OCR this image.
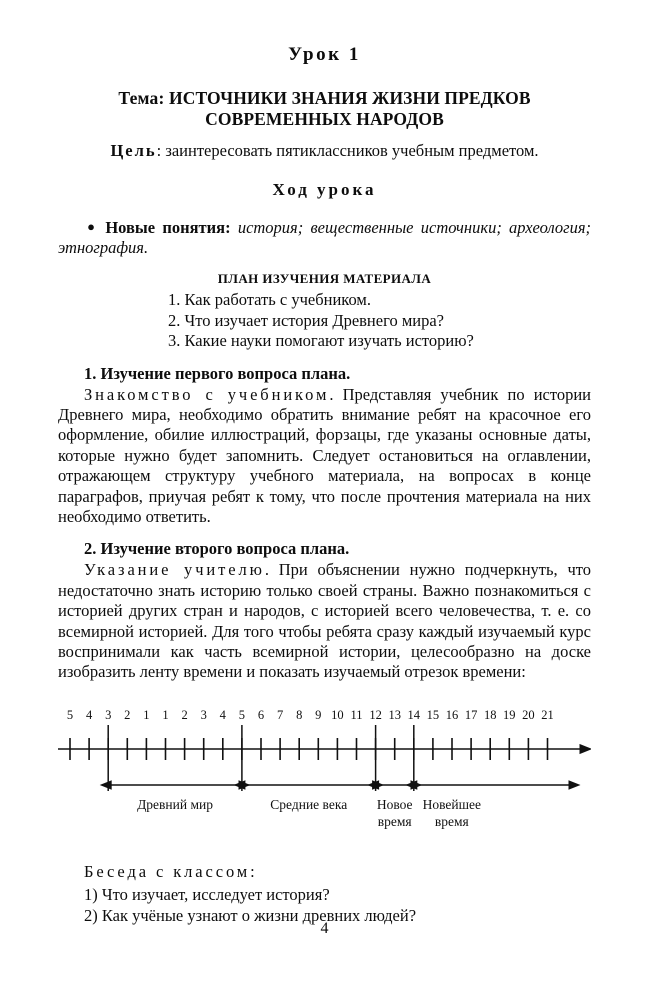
Урок 1
Тема: ИСТОЧНИКИ ЗНАНИЯ ЖИЗНИ ПРЕДКОВ
СОВРЕМЕННЫХ НАРОДОВ
Цель: заинтересовать пятиклассников учебным предметом.
Ход урока
● Новые понятия: история; вещественные источники; археология; этнография.
ПЛАН ИЗУЧЕНИЯ МАТЕРИАЛА
1. Как работать с учебником.
2. Что изучает история Древнего мира?
3. Какие науки помогают изучать историю?
1. Изучение первого вопроса плана.

Знакомство с учебником. Представляя учебник по истории Древнего мира, необходимо обратить внимание ребят на красочное его оформление, обилие иллюстраций, форзацы, где указаны основные даты, которые нужно будет запомнить. Следует остановиться на оглавлении, отражающем структуру учебного материала, на вопросах в конце параграфов, приучая ребят к тому, что после прочтения материала на них необходимо ответить.

2. Изучение второго вопроса плана.

Указание учителю. При объяснении нужно подчеркнуть, что недостаточно знать историю только своей страны. Важно познакомиться с историей других стран и народов, с историей всего человечества, т. е. со всемирной историей. Для того чтобы ребята сразу каждый изучаемый курс воспринимали как часть всемирной истории, целесообразно на доске изобразить ленту времени и показать изучаемый отрезок времени:

5 4 3 2 1 1 2 3 4 5 6 7 8 9 10 11 12 13 14 15 16 17 18 19 20 21
Древний мир	Средние века Новое
время
Новейшее
время
Беседа с классом:
1) Что изучает, исследует история?
2) Как учёные узнают о жизни древних людей?
4
